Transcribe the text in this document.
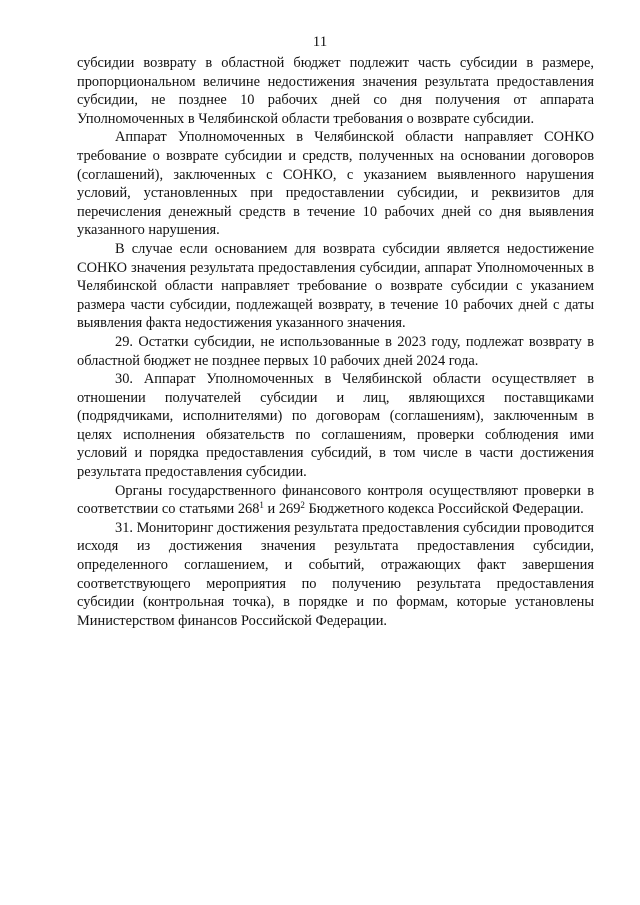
11

субсидии возврату в областной бюджет подлежит часть субсидии в размере, пропорциональном величине недостижения значения результата предоставления субсидии, не позднее 10 рабочих дней со дня получения от аппарата Уполномоченных в Челябинской области требования о возврате субсидии.

Аппарат Уполномоченных в Челябинской области направляет СОНКО требование о возврате субсидии и средств, полученных на основании договоров (соглашений), заключенных с СОНКО, с указанием выявленного нарушения условий, установленных при предоставлении субсидии, и реквизитов для перечисления денежный средств в течение 10 рабочих дней со дня выявления указанного нарушения.

В случае если основанием для возврата субсидии является недостижение СОНКО значения результата предоставления субсидии, аппарат Уполномоченных в Челябинской области направляет требование о возврате субсидии с указанием размера части субсидии, подлежащей возврату, в течение 10 рабочих дней с даты выявления факта недостижения указанного значения.

29. Остатки субсидии, не использованные в 2023 году, подлежат возврату в областной бюджет не позднее первых 10 рабочих дней 2024 года.

30. Аппарат Уполномоченных в Челябинской области осуществляет в отношении получателей субсидии и лиц, являющихся поставщиками (подрядчиками, исполнителями) по договорам (соглашениям), заключенным в целях исполнения обязательств по соглашениям, проверки соблюдения ими условий и порядка предоставления субсидий, в том числе в части достижения результата предоставления субсидии.

Органы государственного финансового контроля осуществляют проверки в соответствии со статьями $268^1$ и $269^2$ Бюджетного кодекса Российской Федерации.

31. Мониторинг достижения результата предоставления субсидии проводится исходя из достижения значения результата предоставления субсидии, определенного соглашением, и событий, отражающих факт завершения соответствующего мероприятия по получению результата предоставления субсидии (контрольная точка), в порядке и по формам, которые установлены Министерством финансов Российской Федерации.
